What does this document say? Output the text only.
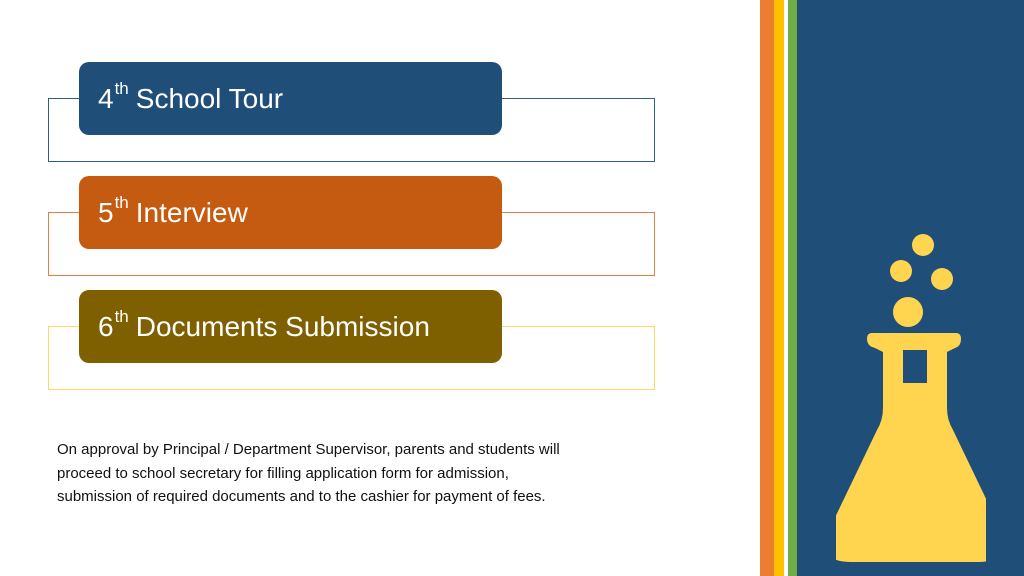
4 th School Tour
5 th Interview
6 th Documents Submission
On approval by Principal / Department Supervisor, parents and students will
proceed to school secretary for filling application form for admission,
submission of required documents and to the cashier for payment of fees.
